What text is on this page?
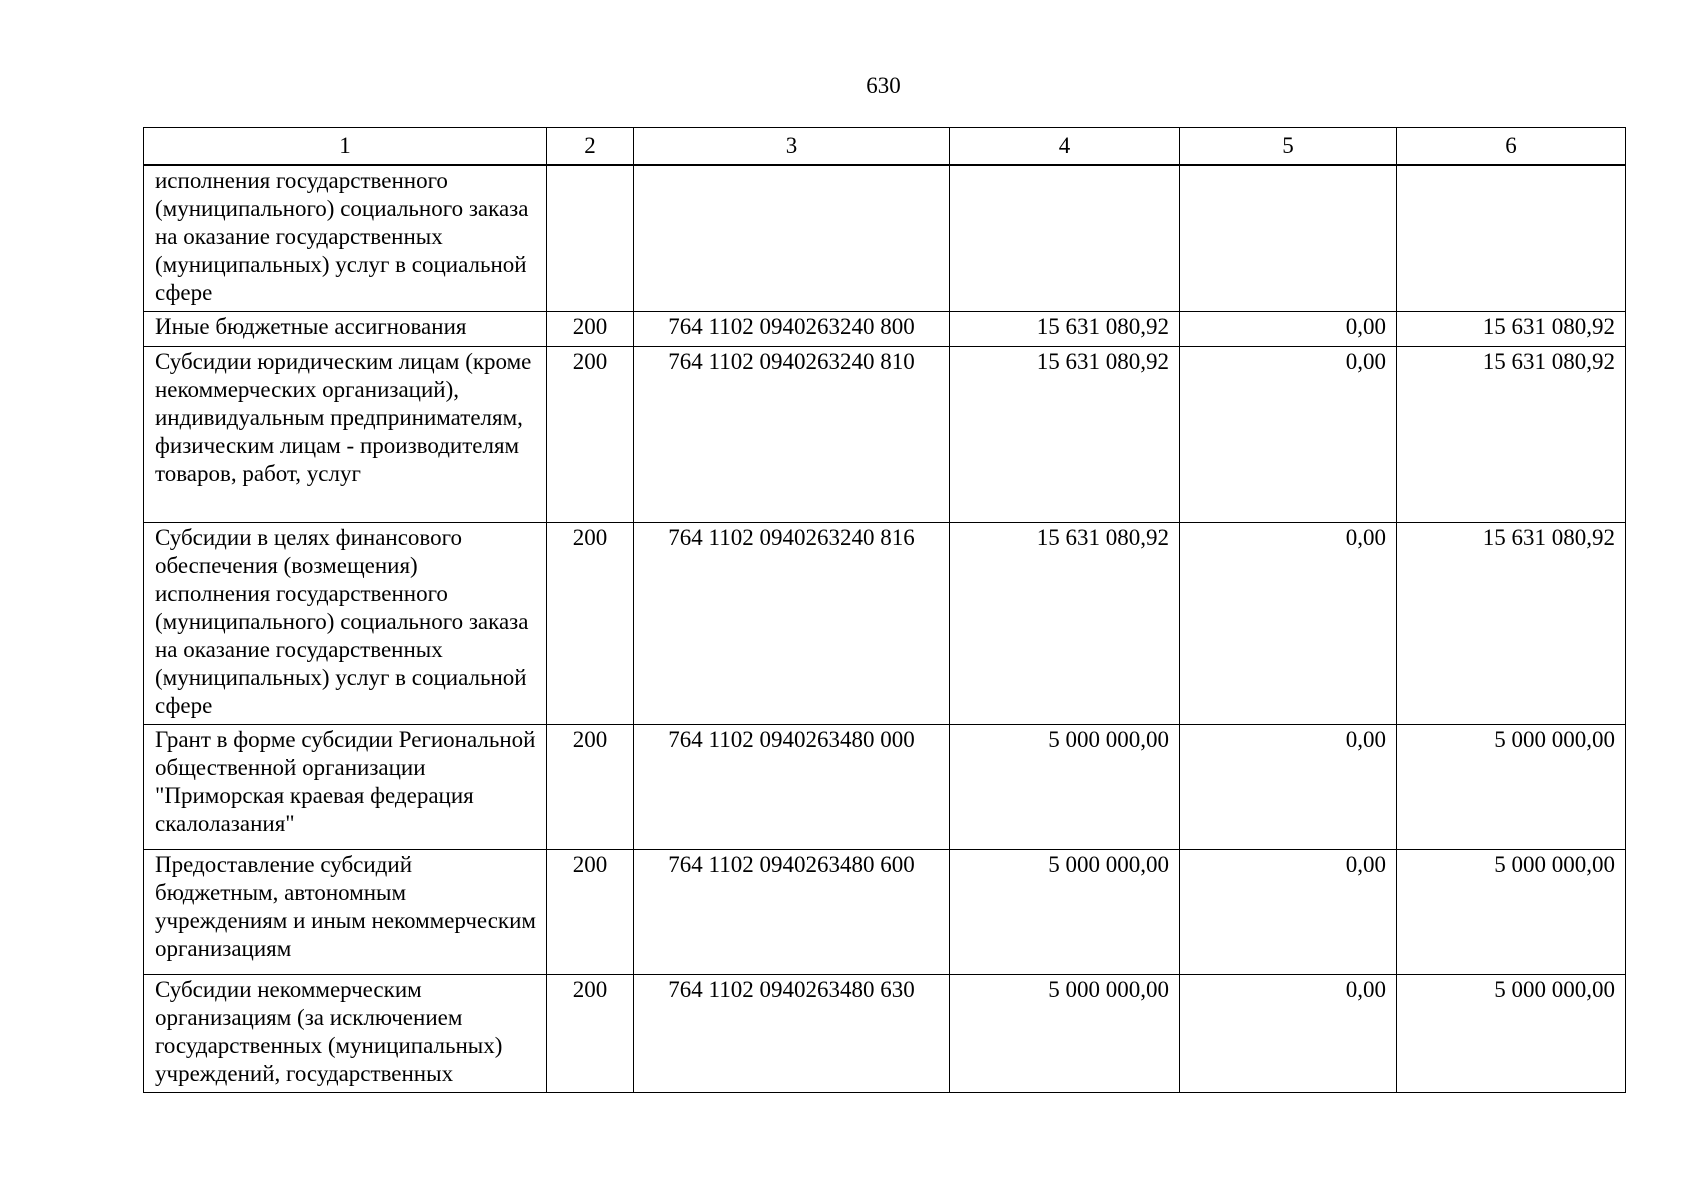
630
1	2	3	4	5	6
исполнения государственного (муниципального) социального заказа на оказание государственных (муниципальных) услуг в социальной сфере					
Иные бюджетные ассигнования	200	764 1102 0940263240 800	15 631 080,92	0,00	15 631 080,92
Субсидии юридическим лицам (кроме некоммерческих организаций), индивидуальным предпринимателям, физическим лицам - производителям товаров, работ, услуг	200	764 1102 0940263240 810	15 631 080,92	0,00	15 631 080,92
Субсидии в целях финансового обеспечения (возмещения) исполнения государственного (муниципального) социального заказа на оказание государственных (муниципальных) услуг в социальной сфере	200	764 1102 0940263240 816	15 631 080,92	0,00	15 631 080,92
Грант в форме субсидии Региональной общественной организации "Приморская краевая федерация скалолазания"	200	764 1102 0940263480 000	5 000 000,00	0,00	5 000 000,00
Предоставление субсидий бюджетным, автономным учреждениям и иным некоммерческим организациям	200	764 1102 0940263480 600	5 000 000,00	0,00	5 000 000,00
Субсидии некоммерческим организациям (за исключением государственных (муниципальных) учреждений, государственных	200	764 1102 0940263480 630	5 000 000,00	0,00	5 000 000,00
